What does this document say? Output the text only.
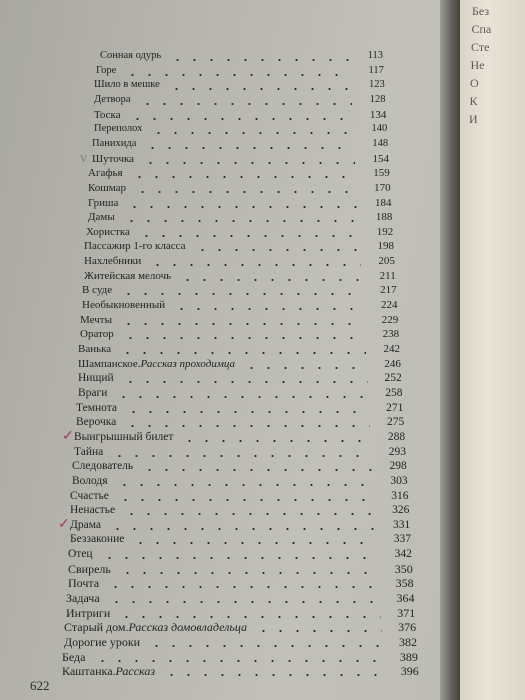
Сонная одурь	113
Горе	117
Шило в мешке	123
Детвора	128
Тоска	134
Переполох	140
Панихида	148
Шуточка	154
Агафья	159
Кошмар	170
Гриша	184
Дамы	188
Хористка	192
Пассажир 1-го класса	198
Нахлебники	205
Житейская мелочь	211
В суде	217
Необыкновенный	224
Мечты	229
Оратор	238
Ванька	242
Шампанское.Рассказ проходимца	246
Нищий	252
Враги	258
Темнота	271
Верочка	275
Выигрышный билет	288
Тайна	293
Следователь	298
Володя	303
Счастье	316
Ненастье	326
Драма	331
Беззаконие	337
Отец	342
Свирель	350
Почта	358
Задача	364
Интриги	371
Старый дом.Рассказ домовладельца	376
Дорогие уроки	382
Беда	389
Каштанка.Рассказ	396
622
v
✓
✓
Без
Спа
Сте
Не
О
К
И
